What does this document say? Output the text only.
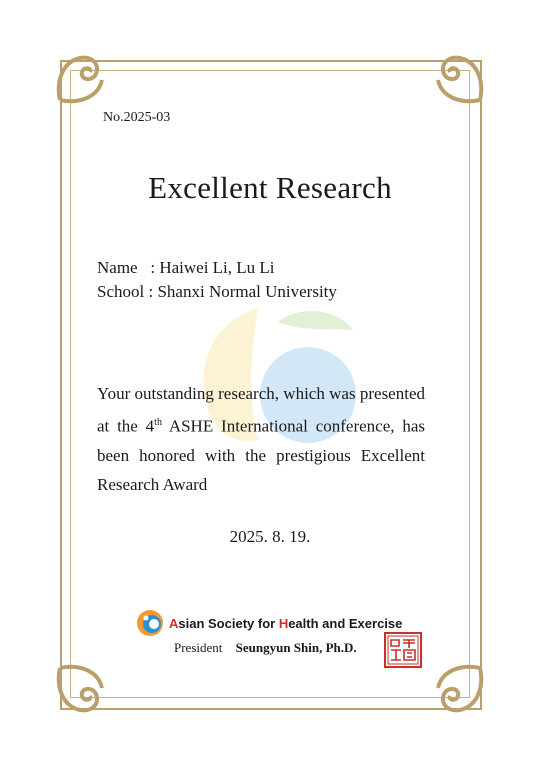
No.2025-03
Excellent Research
Name : Haiwei Li, Lu Li
School : Shanxi Normal University
Your outstanding research, which was presented at the 4th ASHE International conference, has been honored with the prestigious Excellent Research Award
2025. 8. 19.
Asian Society for Health and Exercise
President Seungyun Shin, Ph.D.
